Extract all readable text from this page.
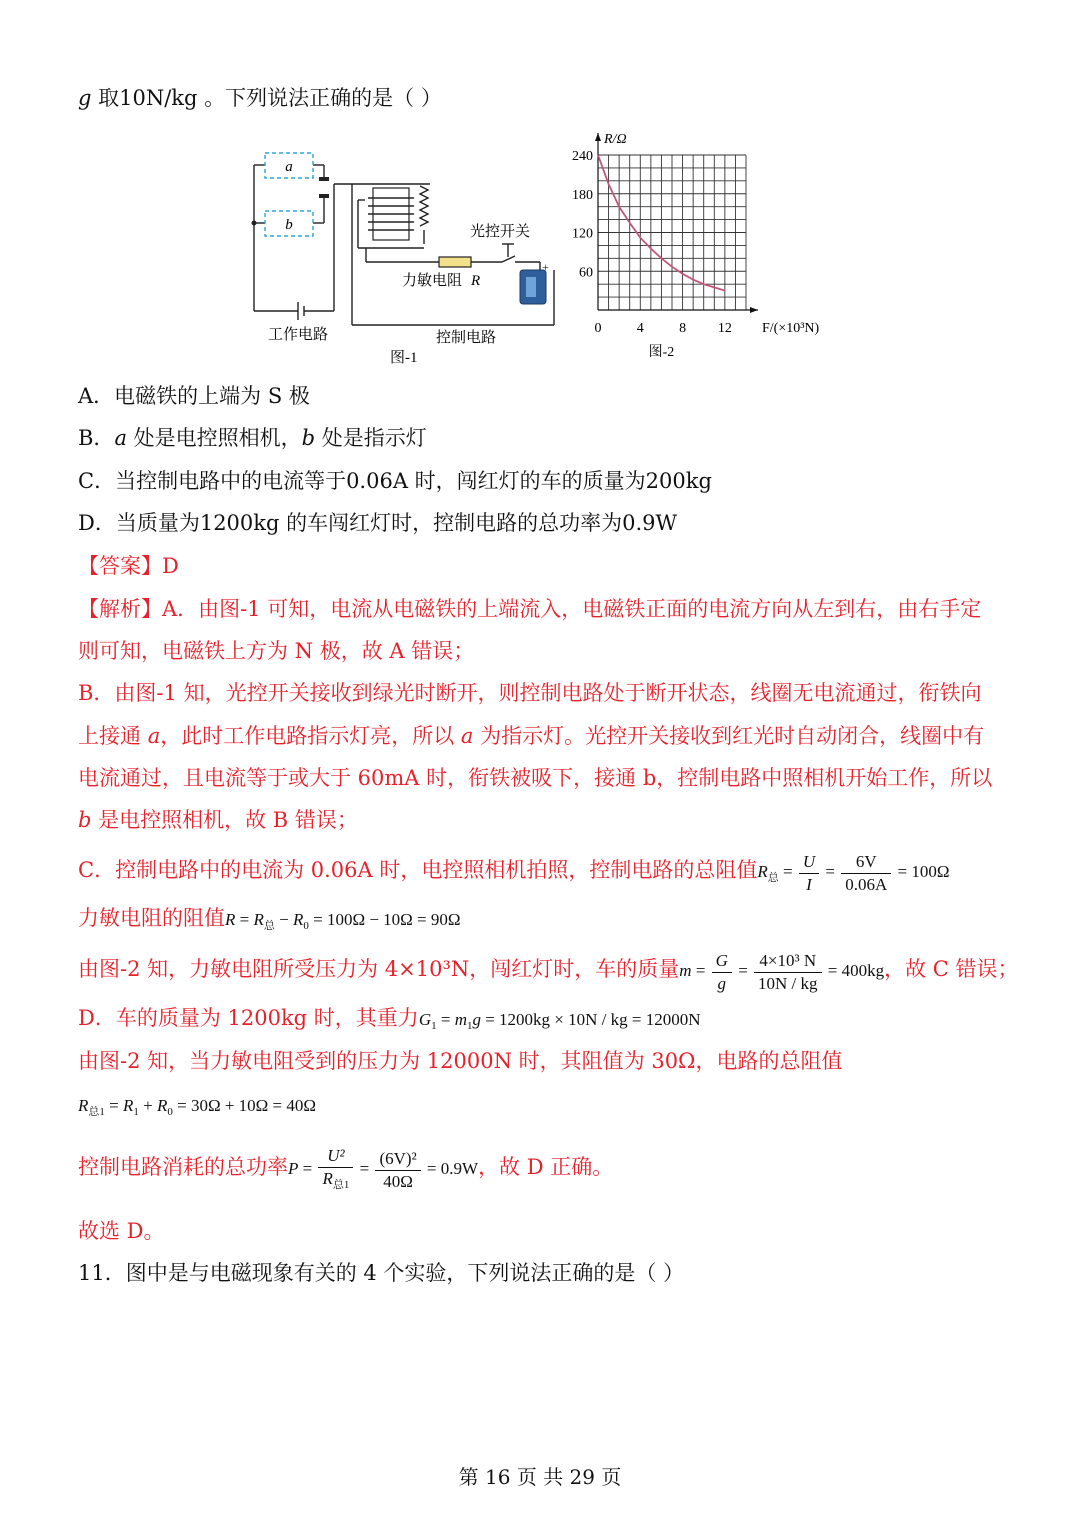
g 取10N/kg 。下列说法正确的是（ ）
a
b
+
光控开关
力敏电阻 R
工作电路	控制电路
图-1
240
180
120
60
0	4	8 12
R/Ω
F/(×10³N)
图-2
A．电磁铁的上端为 S 极
B．a 处是电控照相机，b 处是指示灯
C．当控制电路中的电流等于0.06A 时，闯红灯的车的质量为200kg
D．当质量为1200kg 的车闯红灯时，控制电路的总功率为0.9W
【答案】D
【解析】A．由图-1 可知，电流从电磁铁的上端流入，电磁铁正面的电流方向从左到右，由右手定
则可知，电磁铁上方为 N 极，故 A 错误；
B．由图-1 知，光控开关接收到绿光时断开，则控制电路处于断开状态，线圈无电流通过，衔铁向
上接通 a，此时工作电路指示灯亮，所以 a 为指示灯。光控开关接收到红光时自动闭合，线圈中有
电流通过，且电流等于或大于 60mA 时，衔铁被吸下，接通 b，控制电路中照相机开始工作，所以
b 是电控照相机，故 B 错误；
C．控制电路中的电流为 0.06A 时，电控照相机拍照，控制电路的总阻值$R_总 = \frac{U}{I} = \frac{6V}{0.06A} = 100\Omega$
力敏电阻的阻值$R = R_总 - R_0 = 100\Omega - 10\Omega = 90\Omega$
由图-2 知，力敏电阻所受压力为 4×10³N，闯红灯时，车的质量$m = \frac{G}{g} = \frac{\text{4×10³ N}}{10N / kg} = 400kg$，故 C 错误；
D．车的质量为 1200kg 时，其重力$G_1 = m_1g = 1200kg \times 10N$ / kg = 12000N
由图-2 知，当力敏电阻受到的压力为 12000N 时，其阻值为 30Ω，电路的总阻值
$R_{总1} = R_1 + R_0 = 30\Omega + 10\Omega = 40\Omega$
控制电路消耗的总功率$P = \frac{\text{U²}}{R_{总1}} = \frac{\text{(6V)²}}{40\Omega} = 0.9W$，故 D 正确。
故选 D。
11．图中是与电磁现象有关的 4 个实验，下列说法正确的是（ ）
第 16 页 共 29 页
